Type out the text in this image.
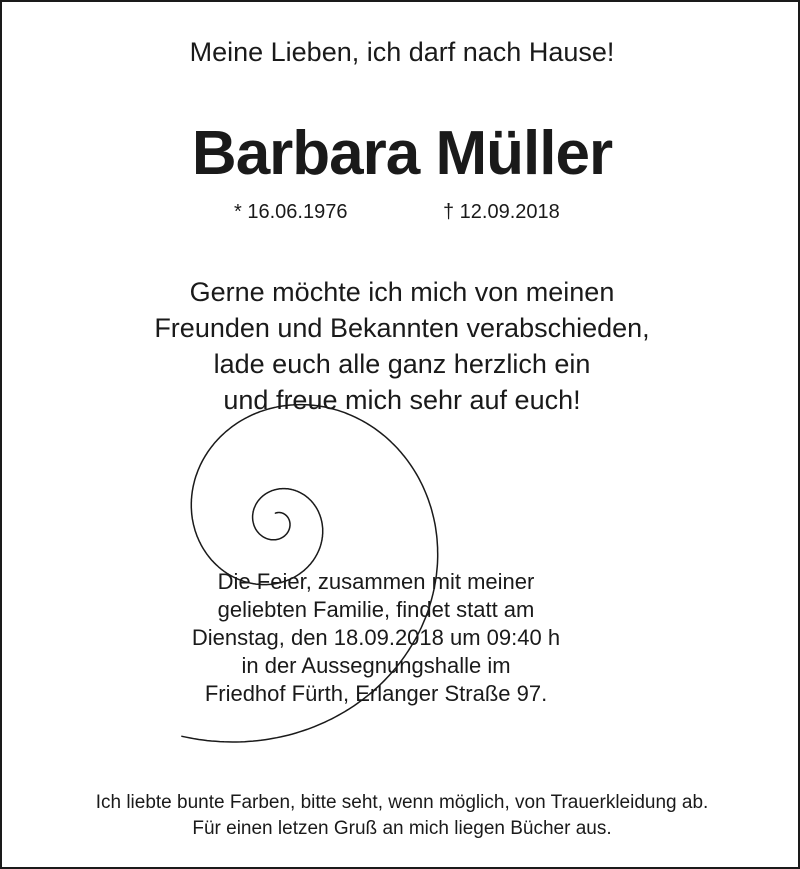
Meine Lieben, ich darf nach Hause!
Barbara Müller
* 16.06.1976	† 12.09.2018
Gerne möchte ich mich von meinen
Freunden und Bekannten verabschieden,
lade euch alle ganz herzlich ein
und freue mich sehr auf euch!
Die Feier, zusammen mit meiner
geliebten Familie, findet statt am
Dienstag, den 18.09.2018 um 09:40 h
in der Aussegnungshalle im
Friedhof Fürth, Erlanger Straße 97.
Ich liebte bunte Farben, bitte seht, wenn möglich, von Trauerkleidung ab.
Für einen letzen Gruß an mich liegen Bücher aus.
